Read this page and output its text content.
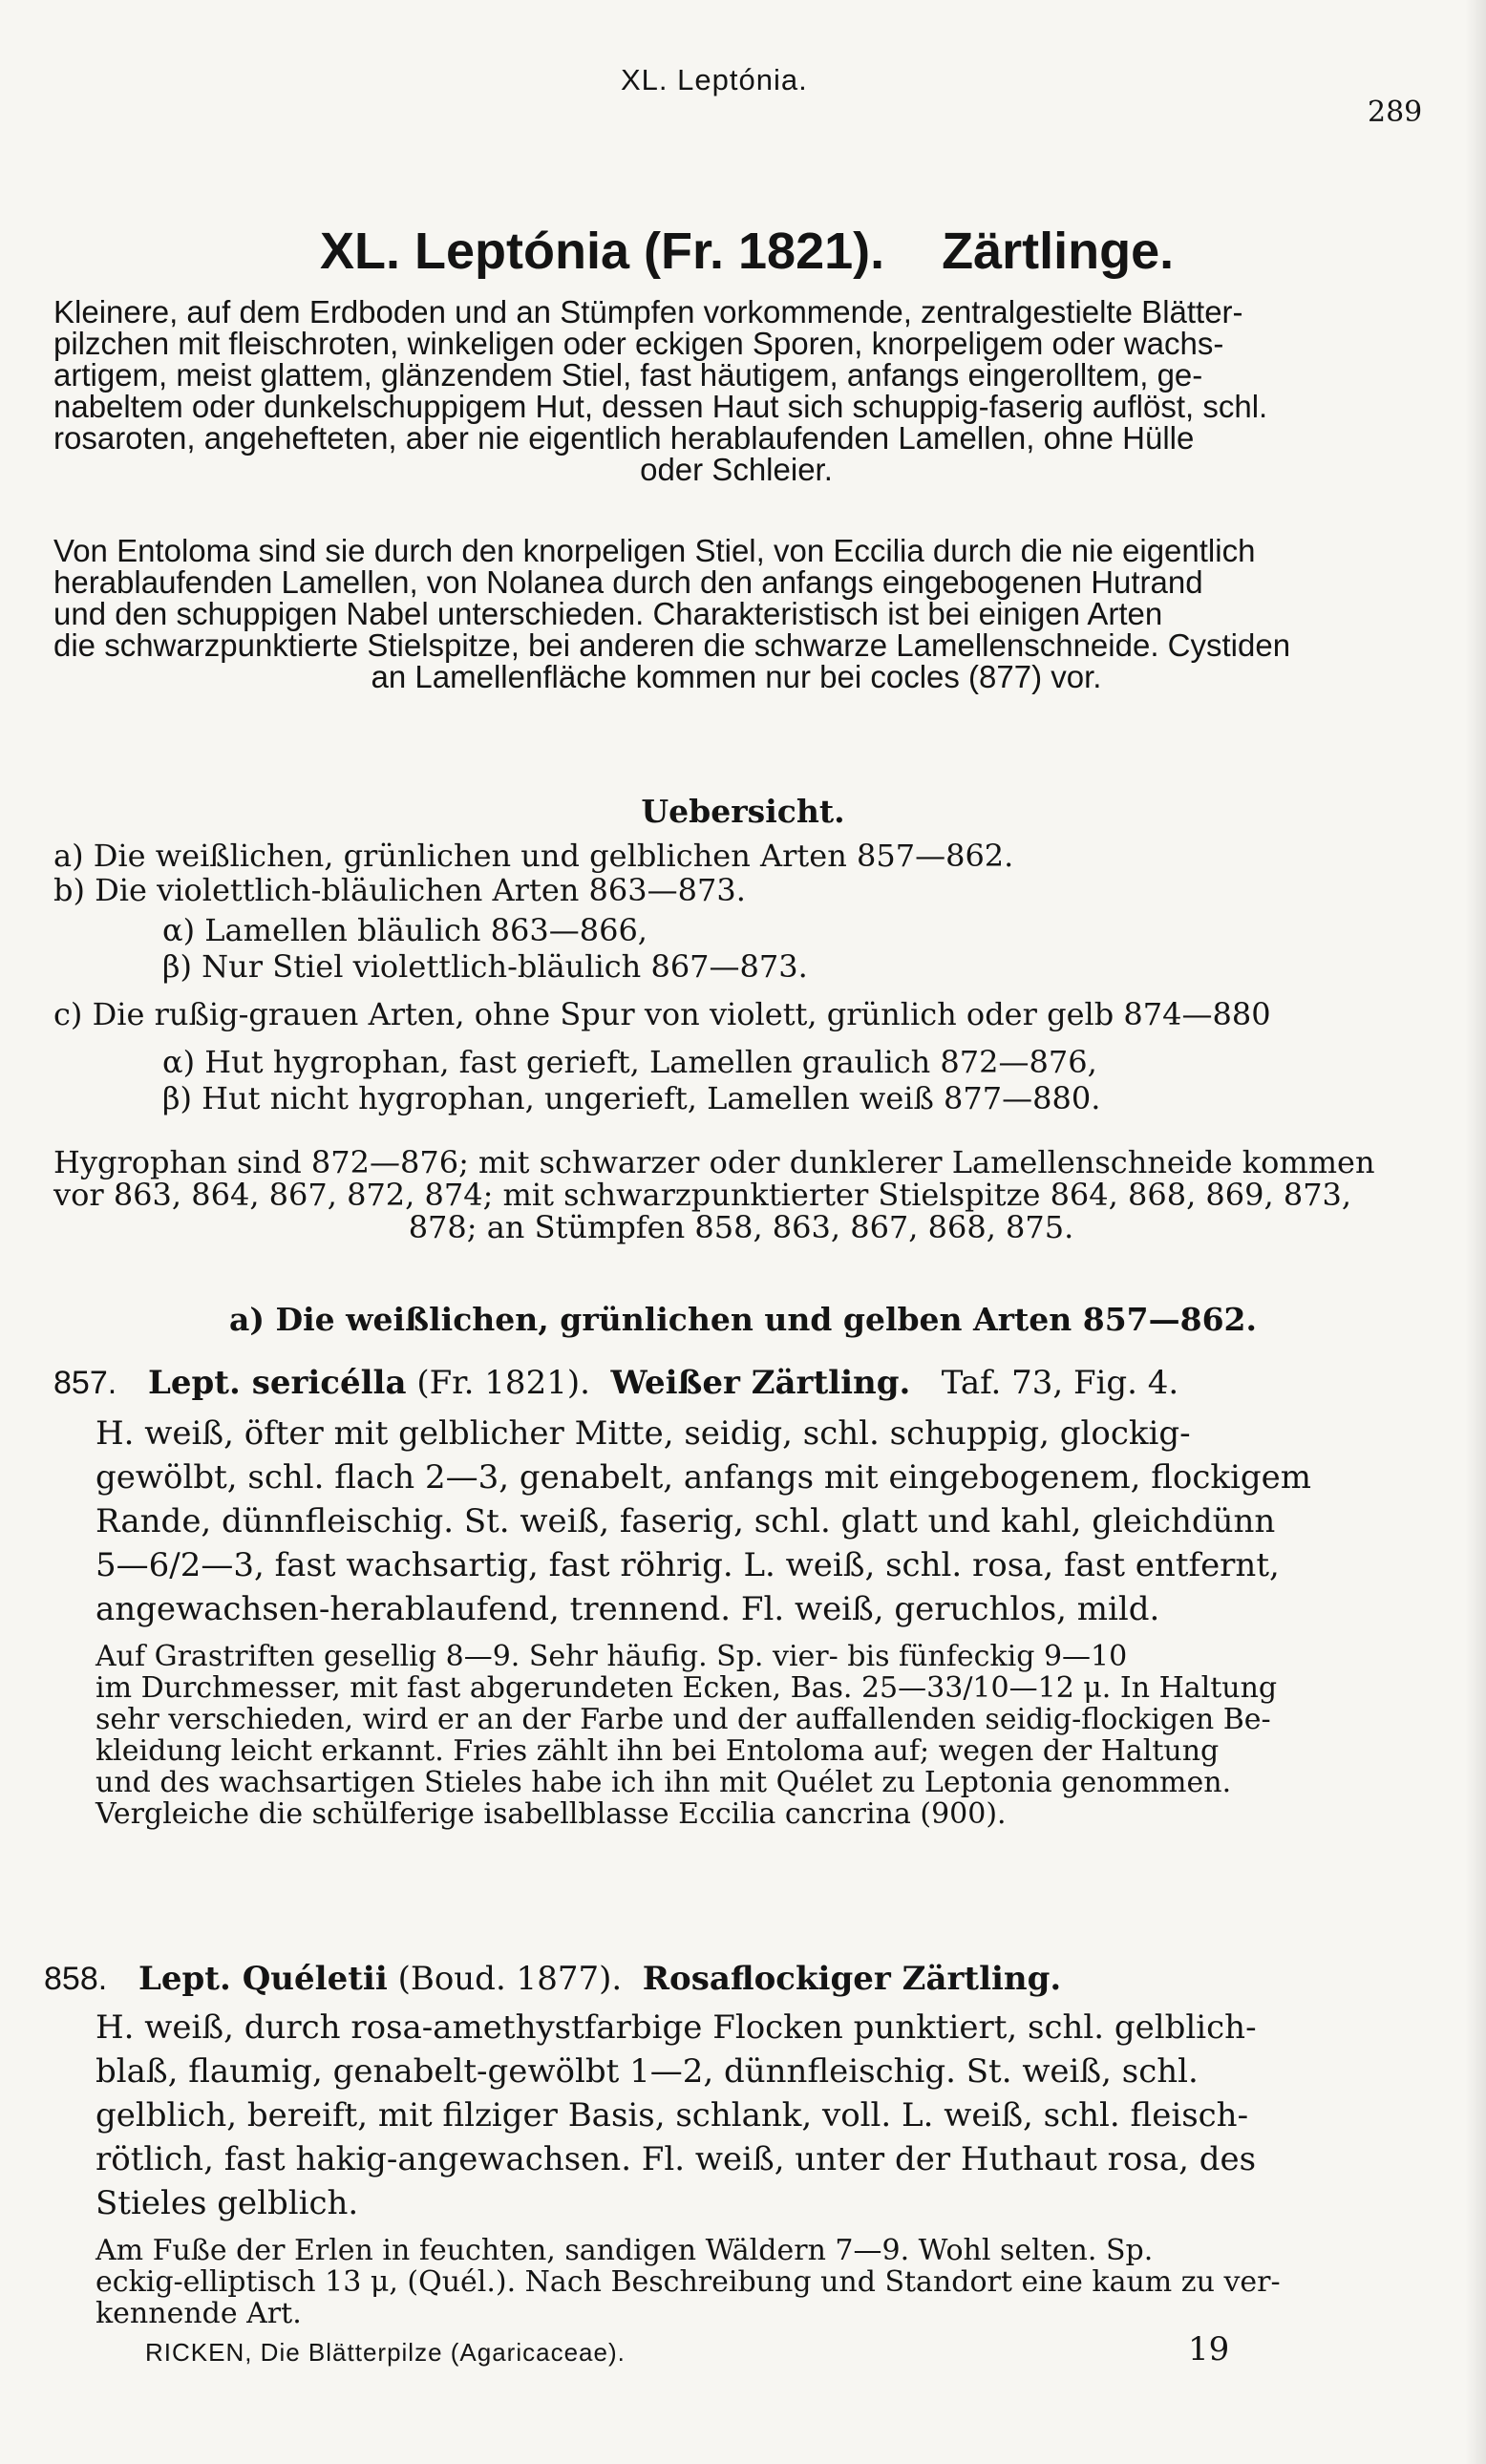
XL. Leptónia.
289
XL. Leptónia (Fr. 1821). Zärtlinge.

Kleinere, auf dem Erdboden und an Stümpfen vorkommende, zentralgestielte Blätter-

pilzchen mit fleischroten, winkeligen oder eckigen Sporen, knorpeligem oder wachs-

artigem, meist glattem, glänzendem Stiel, fast häutigem, anfangs eingerolltem, ge-

nabeltem oder dunkelschuppigem Hut, dessen Haut sich schuppig-faserig auflöst, schl.

rosaroten, angehefteten, aber nie eigentlich herablaufenden Lamellen, ohne Hülle

oder Schleier.

Von Entoloma sind sie durch den knorpeligen Stiel, von Eccilia durch die nie eigentlich

herablaufenden Lamellen, von Nolanea durch den anfangs eingebogenen Hutrand

und den schuppigen Nabel unterschieden. Charakteristisch ist bei einigen Arten

die schwarzpunktierte Stielspitze, bei anderen die schwarze Lamellenschneide. Cystiden

an Lamellenfläche kommen nur bei cocles (877) vor.

Uebersicht.
a) Die weißlichen, grünlichen und gelblichen Arten 857—862.
b) Die violettlich-bläulichen Arten 863—873.
α) Lamellen bläulich 863—866,
β) Nur Stiel violettlich-bläulich 867—873.
c) Die rußig-grauen Arten, ohne Spur von violett, grünlich oder gelb 874—880
α) Hut hygrophan, fast gerieft, Lamellen graulich 872—876,
β) Hut nicht hygrophan, ungerieft, Lamellen weiß 877—880.

Hygrophan sind 872—876; mit schwarzer oder dunklerer Lamellenschneide kommen

vor 863, 864, 867, 872, 874; mit schwarzpunktierter Stielspitze 864, 868, 869, 873,

878; an Stümpfen 858, 863, 867, 868, 875.

a) Die weißlichen, grünlichen und gelben Arten 857—862.
857. Lept. sericélla (Fr. 1821). Weißer Zärtling. Taf. 73, Fig. 4.
H. weiß, öfter mit gelblicher Mitte, seidig, schl. schuppig, glockig-
gewölbt, schl. flach 2—3, genabelt, anfangs mit eingebogenem, flockigem
Rande, dünnfleischig. St. weiß, faserig, schl. glatt und kahl, gleichdünn
5—6/2—3, fast wachsartig, fast röhrig. L. weiß, schl. rosa, fast entfernt,
angewachsen-herablaufend, trennend. Fl. weiß, geruchlos, mild.
Auf Grastriften gesellig 8—9. Sehr häufig. Sp. vier- bis fünfeckig 9—10
im Durchmesser, mit fast abgerundeten Ecken, Bas. 25—33/10—12 μ. In Haltung
sehr verschieden, wird er an der Farbe und der auffallenden seidig-flockigen Be-
kleidung leicht erkannt. Fries zählt ihn bei Entoloma auf; wegen der Haltung
und des wachsartigen Stieles habe ich ihn mit Quélet zu Leptonia genommen.
Vergleiche die schülferige isabellblasse Eccilia cancrina (900).
858. Lept. Quéletii (Boud. 1877). Rosaflockiger Zärtling.
H. weiß, durch rosa-amethystfarbige Flocken punktiert, schl. gelblich-
blaß, flaumig, genabelt-gewölbt 1—2, dünnfleischig. St. weiß, schl.
gelblich, bereift, mit filziger Basis, schlank, voll. L. weiß, schl. fleisch-
rötlich, fast hakig-angewachsen. Fl. weiß, unter der Huthaut rosa, des
Stieles gelblich.
Am Fuße der Erlen in feuchten, sandigen Wäldern 7—9. Wohl selten. Sp.
eckig-elliptisch 13 μ, (Quél.). Nach Beschreibung und Standort eine kaum zu ver-
kennende Art.
RICKEN, Die Blätterpilze (Agaricaceae).	19
